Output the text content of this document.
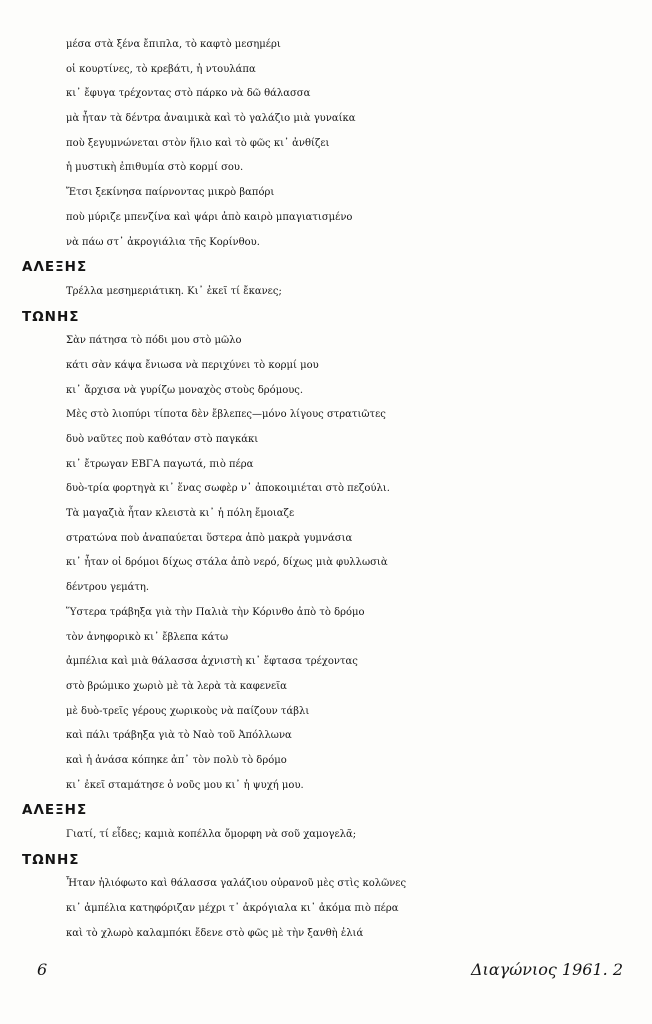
μέσα στὰ ξένα ἔπιπλα, τὸ καφτὸ μεσημέρι
οἱ κουρτίνες, τὸ κρεβάτι, ἡ ντουλάπα
κι᾿ ἔφυγα τρέχοντας στὸ πάρκο νὰ δῶ θάλασσα
μὰ ἦταν τὰ δέντρα ἀναιμικὰ καὶ τὸ γαλάζιο μιὰ γυναίκα
ποὺ ξεγυμνώνεται στὸν ἥλιο καὶ τὸ φῶς κι᾿ ἀνθίζει
ἡ μυστικὴ ἐπιθυμία στὸ κορμί σου.
Ἔτσι ξεκίνησα παίρνοντας μικρὸ βαπόρι
ποὺ μύριζε μπενζίνα καὶ ψάρι ἀπὸ καιρὸ μπαγιατισμένο
νὰ πάω στ᾿ ἀκρογιάλια τῆς Κορίνθου.
ΑΛΕΞΗΣ
Τρέλλα μεσημεριάτικη. Κι᾿ ἐκεῖ τί ἔκανες;
ΤΩΝΗΣ
Σὰν πάτησα τὸ πόδι μου στὸ μῶλο
κάτι σὰν κάψα ἔνιωσα νὰ περιχύνει τὸ κορμί μου
κι᾿ ἄρχισα νὰ γυρίζω μοναχὸς στοὺς δρόμους.
Μὲς στὸ λιοπύρι τίποτα δὲν ἔβλεπες—μόνο λίγους στρατιῶτες
δυὸ ναῦτες ποὺ καθόταν στὸ παγκάκι
κι᾿ ἔτρωγαν ΕΒΓΑ παγωτά, πιὸ πέρα
δυὸ-τρία φορτηγὰ κι᾿ ἕνας σωφὲρ ν᾿ ἀποκοιμιέται στὸ πεζούλι.
Τὰ μαγαζιὰ ἦταν κλειστὰ κι᾿ ἡ πόλη ἔμοιαζε
στρατώνα ποὺ ἀναπαύεται ὕστερα ἀπὸ μακρὰ γυμνάσια
κι᾿ ἦταν οἱ δρόμοι δίχως στάλα ἀπὸ νερό, δίχως μιὰ φυλλωσιὰ
δέντρου γεμάτη.
Ὕστερα τράβηξα γιὰ τὴν Παλιὰ τὴν Κόρινθο ἀπὸ τὸ δρόμο
τὸν ἀνηφορικὸ κι᾿ ἔβλεπα κάτω
ἀμπέλια καὶ μιὰ θάλασσα ἀχνιστὴ κι᾿ ἔφτασα τρέχοντας
στὸ βρώμικο χωριὸ μὲ τὰ λερὰ τὰ καφενεῖα
μὲ δυὸ-τρεῖς γέρους χωρικοὺς νὰ παίζουν τάβλι
καὶ πάλι τράβηξα γιὰ τὸ Ναὸ τοῦ Ἀπόλλωνα
καὶ ἡ ἀνάσα κόπηκε ἀπ᾿ τὸν πολὺ τὸ δρόμο
κι᾿ ἐκεῖ σταμάτησε ὁ νοῦς μου κι᾿ ἡ ψυχή μου.
ΑΛΕΞΗΣ
Γιατί, τί εἶδες; καμιὰ κοπέλλα ὄμορφη νὰ σοῦ χαμογελᾶ;
ΤΩΝΗΣ
Ἦταν ἡλιόφωτο καὶ θάλασσα γαλάζιου οὐρανοῦ μὲς στὶς κολῶνες
κι᾿ ἀμπέλια κατηφόριζαν μέχρι τ᾿ ἀκρόγιαλα κι᾿ ἀκόμα πιὸ πέρα
καὶ τὸ χλωρὸ καλαμπόκι ἔδενε στὸ φῶς μὲ τὴν ξανθὴ ἐλιά
6	Διαγώνιος 1961. 2
